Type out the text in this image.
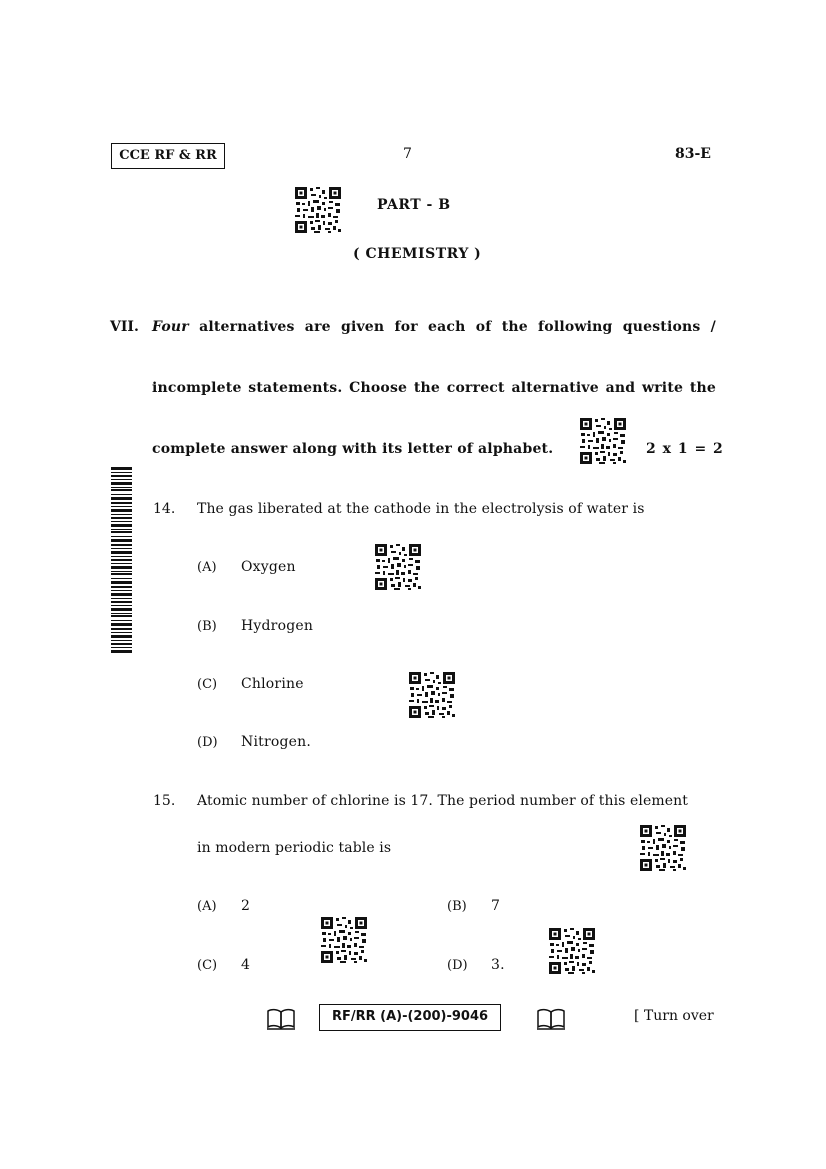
CCE RF & RR	7	83-E
PART - B
( CHEMISTRY )
VII. Four alternatives are given for each of the following questions /
incomplete statements. Choose the correct alternative and write the
complete answer along with its letter of alphabet.	2 x 1 = 2
14. The gas liberated at the cathode in the electrolysis of water is
(A) Oxygen
(B) Hydrogen
(C) Chlorine
(D) Nitrogen.
15. Atomic number of chlorine is 17. The period number of this element
in modern periodic table is
(A) 2	(B) 7
(C) 4	(D) 3.
RF/RR (A)-(200)-9046	[ Turn over
